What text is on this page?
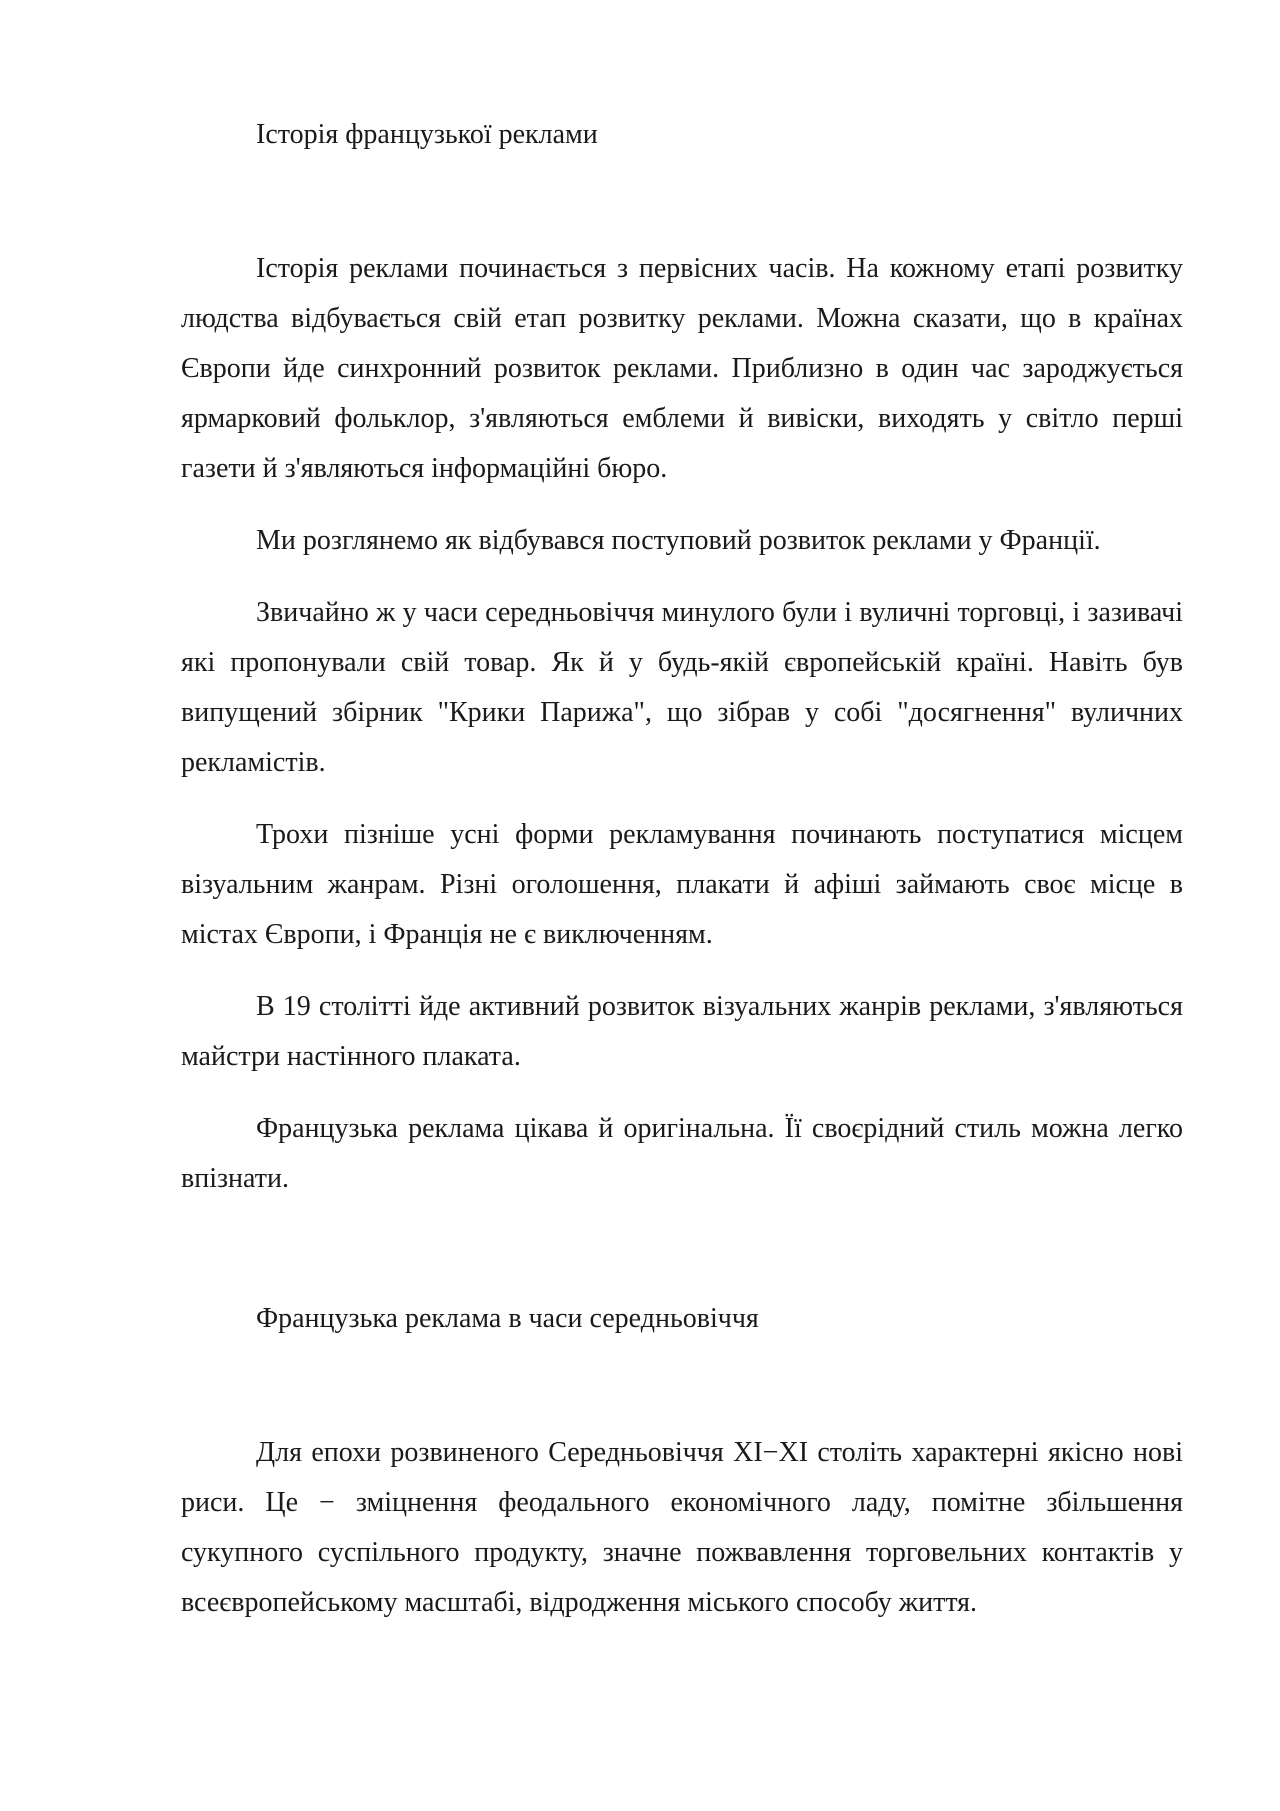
Історія французької реклами

Історія реклами починається з первісних часів. На кожному етапі розвитку людства відбувається свій етап розвитку реклами. Можна сказати, що в країнах Європи йде синхронний розвиток реклами. Приблизно в один час зароджується ярмарковий фольклор, з'являються емблеми й вивіски, виходять у світло перші газети й з'являються інформаційні бюро.

Ми розглянемо як відбувався поступовий розвиток реклами у Франції.

Звичайно ж у часи середньовіччя минулого були і вуличні торговці, і зазивачі які пропонували свій товар. Як й у будь-якій європейській країні. Навіть був випущений збірник "Крики Парижа", що зібрав у собі "досягнення" вуличних рекламістів.

Трохи пізніше усні форми рекламування починають поступатися місцем візуальним жанрам. Різні оголошення, плакати й афіші займають своє місце в містах Європи, і Франція не є виключенням.

В 19 столітті йде активний розвиток візуальних жанрів реклами, з'являються майстри настінного плаката.

Французька реклама цікава й оригінальна. Її своєрідний стиль можна легко впізнати.

Французька реклама в часи середньовіччя

Для епохи розвиненого Середньовіччя XI−XI століть характерні якісно нові риси. Це − зміцнення феодального економічного ладу, помітне збільшення сукупного суспільного продукту, значне пожвавлення торговельних контактів у всеєвропейському масштабі, відродження міського способу життя.
